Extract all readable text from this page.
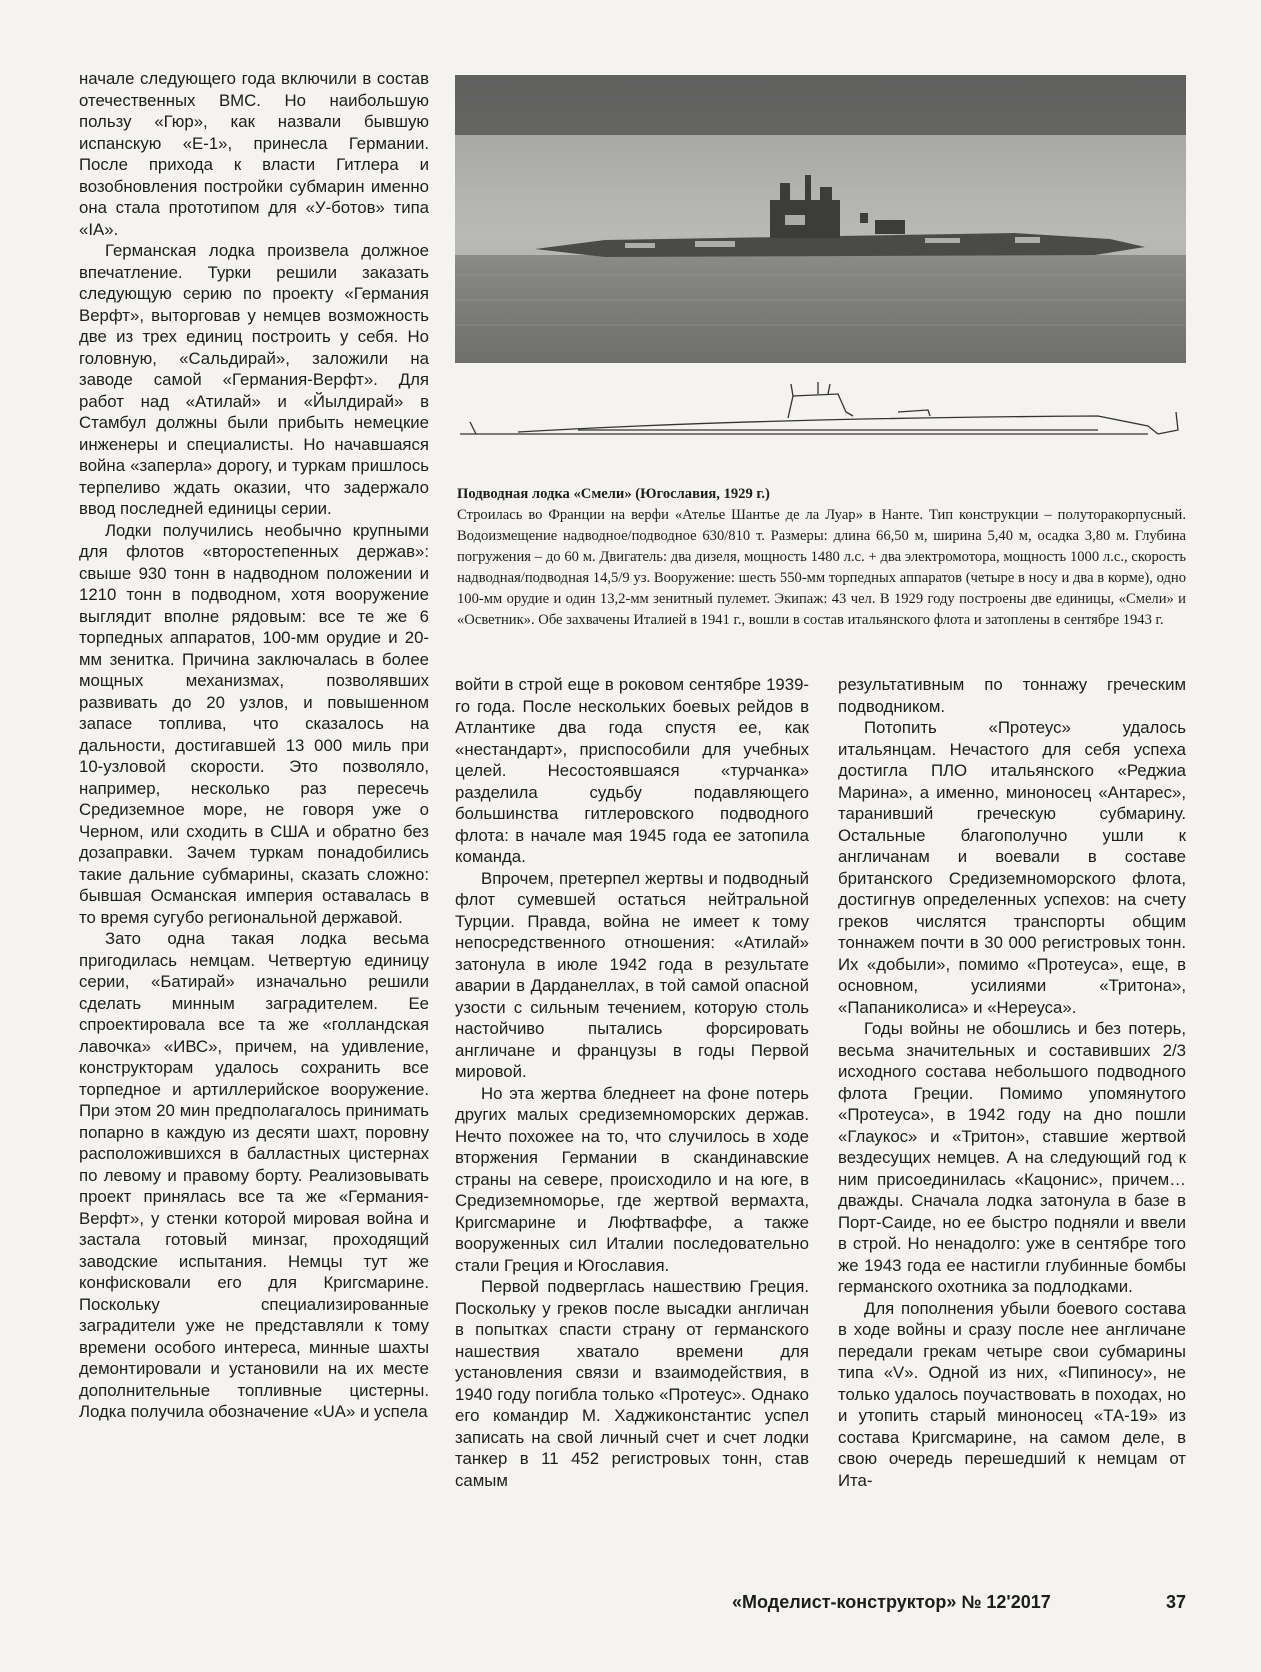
начале следующего года включили в состав отечественных ВМС. Но наибольшую пользу «Гюр», как назвали бывшую испанскую «Е-1», принесла Германии. После прихода к власти Гитлера и возобновления постройки субмарин именно она стала прототипом для «У-ботов» типа «IA».

Германская лодка произвела должное впечатление. Турки решили заказать следующую серию по проекту «Германия Верфт», выторговав у немцев возможность две из трех единиц построить у себя. Но головную, «Сальдирай», заложили на заводе самой «Германия-Верфт». Для работ над «Атилай» и «Йылдирай» в Стамбул должны были прибыть немецкие инженеры и специалисты. Но начавшаяся война «заперла» дорогу, и туркам пришлось терпеливо ждать оказии, что задержало ввод последней единицы серии.

Лодки получились необычно крупными для флотов «второстепенных держав»: свыше 930 тонн в надводном положении и 1210 тонн в подводном, хотя вооружение выглядит вполне рядовым: все те же 6 торпедных аппаратов, 100-мм орудие и 20-мм зенитка. Причина заключалась в более мощных механизмах, позволявших развивать до 20 узлов, и повышенном запасе топлива, что сказалось на дальности, достигавшей 13 000 миль при 10-узловой скорости. Это позволяло, например, несколько раз пересечь Средиземное море, не говоря уже о Черном, или сходить в США и обратно без дозаправки. Зачем туркам понадобились такие дальние субмарины, сказать сложно: бывшая Османская империя оставалась в то время сугубо региональной державой.

Зато одна такая лодка весьма пригодилась немцам. Четвертую единицу серии, «Батирай» изначально решили сделать минным заградителем. Ее спроектировала все та же «голландская лавочка» «ИВС», причем, на удивление, конструкторам удалось сохранить все торпедное и артиллерийское вооружение. При этом 20 мин предполагалось принимать попарно в каждую из десяти шахт, поровну расположившихся в балластных цистернах по левому и правому борту. Реализовывать проект принялась все та же «Германия-Верфт», у стенки которой мировая война и застала готовый минзаг, проходящий заводские испытания. Немцы тут же конфисковали его для Кригсмарине. Поскольку специализированные заградители уже не представляли к тому времени особого интереса, минные шахты демонтировали и установили на их месте дополнительные топливные цистерны. Лодка получила обозначение «UA» и успела

Подводная лодка «Смели» (Югославия, 1929 г.)
Строилась во Франции на верфи «Ателье Шантье де ла Луар» в Нанте. Тип конструкции – полуторакорпусный. Водоизмещение надводное/подводное 630/810 т. Размеры: длина 66,50 м, ширина 5,40 м, осадка 3,80 м. Глубина погружения – до 60 м. Двигатель: два дизеля, мощность 1480 л.с. + два электромотора, мощность 1000 л.с., скорость надводная/подводная 14,5/9 уз. Вооружение: шесть 550-мм торпедных аппаратов (четыре в носу и два в корме), одно 100-мм орудие и один 13,2-мм зенитный пулемет. Экипаж: 43 чел. В 1929 году построены две единицы, «Смели» и «Осветник». Обе захвачены Италией в 1941 г., вошли в состав итальянского флота и затоплены в сентябре 1943 г.

войти в строй еще в роковом сентябре 1939-го года. После нескольких боевых рейдов в Атлантике два года спустя ее, как «нестандарт», приспособили для учебных целей. Несостоявшаяся «турчанка» разделила судьбу подавляющего большинства гитлеровского подводного флота: в начале мая 1945 года ее затопила команда.

Впрочем, претерпел жертвы и подводный флот сумевшей остаться нейтральной Турции. Правда, война не имеет к тому непосредственного отношения: «Атилай» затонула в июле 1942 года в результате аварии в Дарданеллах, в той самой опасной узости с сильным течением, которую столь настойчиво пытались форсировать англичане и французы в годы Первой мировой.

Но эта жертва бледнеет на фоне потерь других малых средиземноморских держав. Нечто похожее на то, что случилось в ходе вторжения Германии в скандинавские страны на севере, происходило и на юге, в Средиземноморье, где жертвой вермахта, Кригсмарине и Люфтваффе, а также вооруженных сил Италии последовательно стали Греция и Югославия.

Первой подверглась нашествию Греция. Поскольку у греков после высадки англичан в попытках спасти страну от германского нашествия хватало времени для установления связи и взаимодействия, в 1940 году погибла только «Протеус». Однако его командир М. Хаджиконстантис успел записать на свой личный счет и счет лодки танкер в 11 452 регистровых тонн, став самым

результативным по тоннажу греческим подводником.

Потопить «Протеус» удалось итальянцам. Нечастого для себя успеха достигла ПЛО итальянского «Реджиа Марина», а именно, миноносец «Антарес», таранивший греческую субмарину. Остальные благополучно ушли к англичанам и воевали в составе британского Средиземноморского флота, достигнув определенных успехов: на счету греков числятся транспорты общим тоннажем почти в 30 000 регистровых тонн. Их «добыли», помимо «Протеуса», еще, в основном, усилиями «Тритона», «Папаниколиса» и «Нереуса».

Годы войны не обошлись и без потерь, весьма значительных и составивших 2/3 исходного состава небольшого подводного флота Греции. Помимо упомянутого «Протеуса», в 1942 году на дно пошли «Глаукос» и «Тритон», ставшие жертвой вездесущих немцев. А на следующий год к ним присоединилась «Кацонис», причем… дважды. Сначала лодка затонула в базе в Порт-Саиде, но ее быстро подняли и ввели в строй. Но ненадолго: уже в сентябре того же 1943 года ее настигли глубинные бомбы германского охотника за подлодками.

Для пополнения убыли боевого состава в ходе войны и сразу после нее англичане передали грекам четыре свои субмарины типа «V». Одной из них, «Пипиносу», не только удалось поучаствовать в походах, но и утопить старый миноносец «ТА-19» из состава Кригсмарине, на самом деле, в свою очередь перешедший к немцам от Ита-

«Моделист-конструктор» № 12'2017	37
